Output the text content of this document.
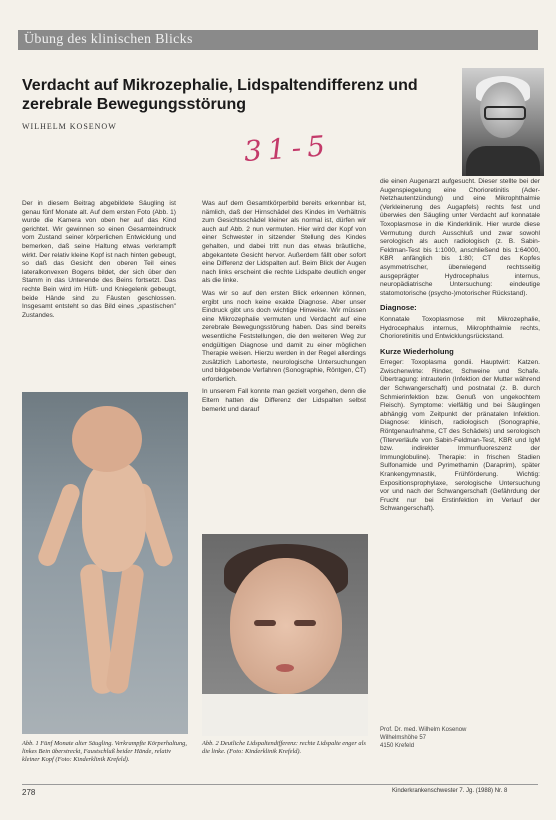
Übung des klinischen Blicks
Verdacht auf Mikrozephalie, Lidspaltendifferenz und zerebrale Bewegungsstörung
WILHELM KOSENOW
31-5

Der in diesem Beitrag abgebildete Säugling ist genau fünf Monate alt. Auf dem ersten Foto (Abb. 1) wurde die Kamera von oben her auf das Kind gerichtet. Wir gewinnen so einen Gesamteindruck vom Zustand seiner körperlichen Entwicklung und bemerken, daß seine Haltung etwas verkrampft wirkt. Der relativ kleine Kopf ist nach hinten gebeugt, so daß das Gesicht den oberen Teil eines lateralkonvexen Bogens bildet, der sich über den Stamm in das Unterende des Beins fortsetzt. Das rechte Bein wird im Hüft- und Kniegelenk gebeugt, beide Hände sind zu Fäusten geschlossen. Insgesamt entsteht so das Bild eines „spastischen" Zustandes.

Was auf dem Gesamtkörperbild bereits erkennbar ist, nämlich, daß der Hirnschädel des Kindes im Verhältnis zum Gesichtsschädel kleiner als normal ist, dürfen wir auch auf Abb. 2 nun vermuten. Hier wird der Kopf von einer Schwester in sitzender Stellung des Kindes gehalten, und dabei tritt nun das etwas bräutliche, abgekantete Gesicht hervor. Außerdem fällt ober sofort eine Differenz der Lidspalten auf. Beim Blick der Augen nach links erscheint die rechte Lidspalte deutlich enger als die linke.

Was wir so auf den ersten Blick erkennen können, ergibt uns noch keine exakte Diagnose. Aber unser Eindruck gibt uns doch wichtige Hinweise. Wir müssen eine Mikrozephalie vermuten und Verdacht auf eine zerebrale Bewegungsstörung haben. Das sind bereits wesentliche Feststellungen, die den weiteren Weg zur endgültigen Diagnose und damit zu einer möglichen Therapie weisen. Hierzu werden in der Regel allerdings zusätzlich Laborteste, neurologische Untersuchungen und bildgebende Verfahren (Sonographie, Röntgen, CT) erforderlich.

In unserem Fall konnte man gezielt vorgehen, denn die Eltern hatten die Differenz der Lidspalten selbst bemerkt und darauf

die einen Augenarzt aufgesucht. Dieser stellte bei der Augenspiegelung eine Chorioretinitis (Ader-Netzhautentzündung) und eine Mikrophthalmie (Verkleinerung des Augapfels) rechts fest und überwies den Säugling unter Verdacht auf konnatale Toxoplasmose in die Kinderklinik. Hier wurde diese Vermutung durch Ausschluß und zwar sowohl serologisch als auch radiologisch (z. B. Sabin-Feldman-Test bis 1:1000, anschließend bis 1:64000, KBR anfänglich bis 1:80; CT des Kopfes asymmetrischer, überwiegend rechtsseitig ausgeprägter Hydrocephalus internus, neuropädiatrische Untersuchung: eindeutige statomotorische (psycho-)motorischer Rückstand).

Diagnose:

Konnatale Toxoplasmose mit Mikrozephalie, Hydrocephalus internus, Mikrophthalmie rechts, Chorioretinitis und Entwicklungsrückstand.

Kurze Wiederholung

Erreger: Toxoplasma gondii. Hauptwirt: Katzen. Zwischenwirte: Rinder, Schweine und Schafe. Übertragung: intrauterin (Infektion der Mutter während der Schwangerschaft) und postnatal (z. B. durch Schmierinfektion bzw. Genuß von ungekochtem Fleisch). Symptome: vielfältig und bei Säuglingen abhängig vom Zeitpunkt der pränatalen Infektion. Diagnose: klinisch, radiologisch (Sonographie, Röntgenaufnahme, CT des Schädels) und serologisch (Titerverläufe von Sabin-Feldman-Test, KBR und IgM bzw. indirekter Immunfluoreszenz der Immunglobuline). Therapie: in frischen Stadien Sulfonamide und Pyrimethamin (Daraprim), später Krankengymnastik, Frühförderung. Wichtig: Expositionsprophylaxe, serologische Untersuchung vor und nach der Schwangerschaft (Gefährdung der Frucht nur bei Erstinfektion im Verlauf der Schwangerschaft).

Prof. Dr. med. Wilhelm Kosenow
Wilhelmshöhe 57
4150 Krefeld
Abb. 1 Fünf Monate alter Säugling. Verkrampfte Körperhaltung, linkes Bein überstreckt, Faustschluß beider Hände, relativ kleiner Kopf (Foto: Kinderklinik Krefeld).
Abb. 2 Deutliche Lidspaltendifferenz: rechte Lidspalte enger als die linke. (Foto: Kinderklinik Krefeld).
278	Kinderkrankenschwester 7. Jg. (1988) Nr. 8
